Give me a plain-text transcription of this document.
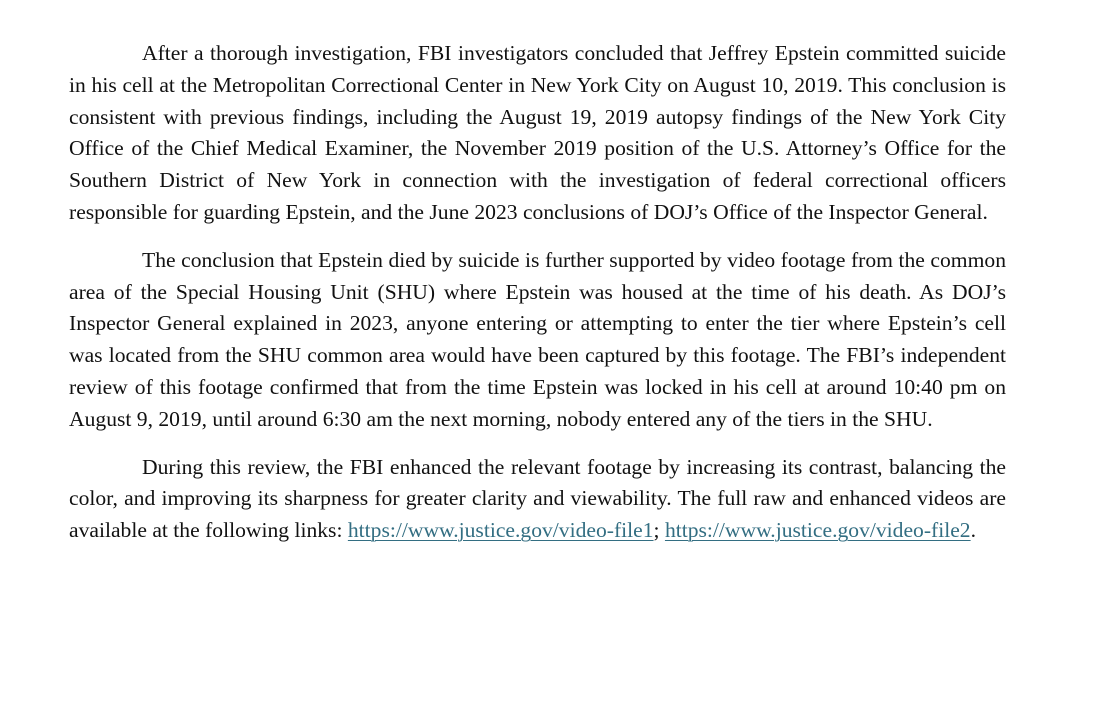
After a thorough investigation, FBI investigators concluded that Jeffrey Epstein committed suicide in his cell at the Metropolitan Correctional Center in New York City on August 10, 2019. This conclusion is consistent with previous findings, including the August 19, 2019 autopsy findings of the New York City Office of the Chief Medical Examiner, the November 2019 position of the U.S. Attorney’s Office for the Southern District of New York in connection with the investigation of federal correctional officers responsible for guarding Epstein, and the June 2023 conclusions of DOJ’s Office of the Inspector General.

The conclusion that Epstein died by suicide is further supported by video footage from the common area of the Special Housing Unit (SHU) where Epstein was housed at the time of his death. As DOJ’s Inspector General explained in 2023, anyone entering or attempting to enter the tier where Epstein’s cell was located from the SHU common area would have been captured by this footage. The FBI’s independent review of this footage confirmed that from the time Epstein was locked in his cell at around 10:40 pm on August 9, 2019, until around 6:30 am the next morning, nobody entered any of the tiers in the SHU.

During this review, the FBI enhanced the relevant footage by increasing its contrast, balancing the color, and improving its sharpness for greater clarity and viewability. The full raw and enhanced videos are available at the following links: https://www.justice.gov/video-file1; https://www.justice.gov/video-file2.
